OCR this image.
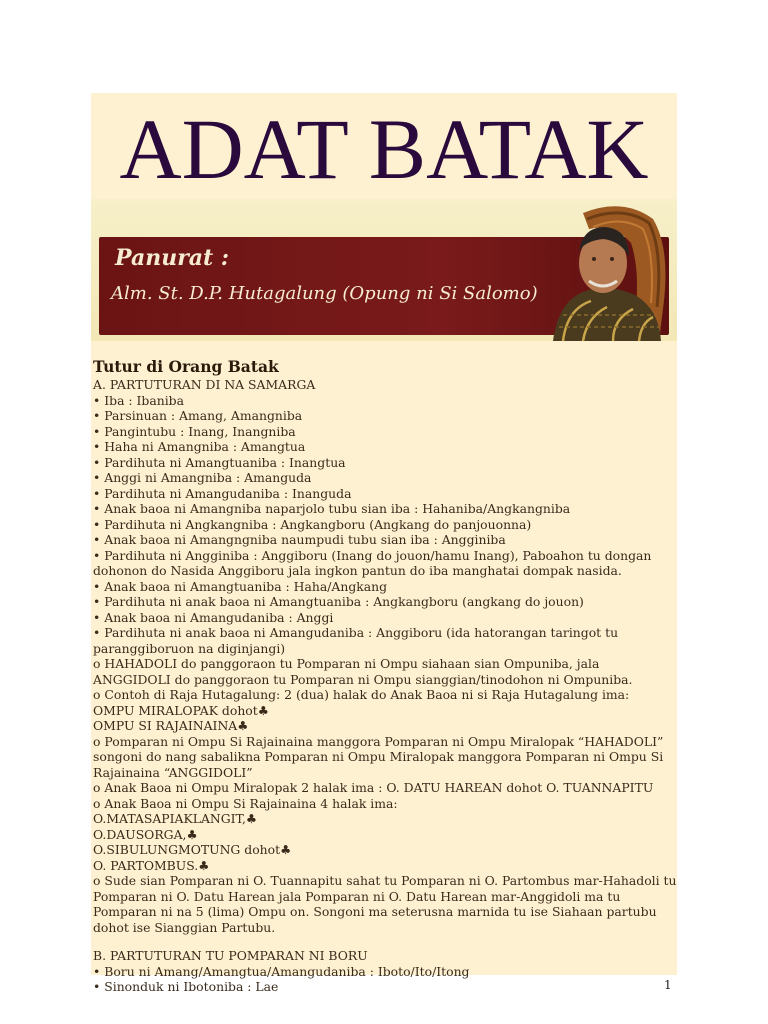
ADAT BATAK
Panurat :
Alm. St. D.P. Hutagalung (Opung ni Si Salomo)
Tutur di Orang Batak
A. PARTUTURAN DI NA SAMARGA
• Iba : Ibaniba
• Parsinuan : Amang, Amangniba
• Pangintubu : Inang, Inangniba
• Haha ni Amangniba : Amangtua
• Pardihuta ni Amangtuaniba : Inangtua
• Anggi ni Amangniba : Amanguda
• Pardihuta ni Amangudaniba : Inanguda
• Anak baoa ni Amangniba naparjolo tubu sian iba : Hahaniba/Angkangniba
• Pardihuta ni Angkangniba : Angkangboru (Angkang do panjouonna)
• Anak baoa ni Amangngniba naumpudi tubu sian iba : Angginiba
• Pardihuta ni Angginiba : Anggiboru (Inang do jouon/hamu Inang), Paboahon tu dongan dohonon do Nasida Anggiboru jala ingkon pantun do iba manghatai dompak nasida.
• Anak baoa ni Amangtuaniba : Haha/Angkang
• Pardihuta ni anak baoa ni Amangtuaniba : Angkangboru (angkang do jouon)
• Anak baoa ni Amangudaniba : Anggi
• Pardihuta ni anak baoa ni Amangudaniba : Anggiboru (ida hatorangan taringot tu paranggiboruon na diginjangi)
o HAHADOLI do panggoraon tu Pomparan ni Ompu siahaan sian Ompuniba, jala ANGGIDOLI do panggoraon tu Pomparan ni Ompu sianggian/tinodohon ni Ompuniba.
o Contoh di Raja Hutagalung: 2 (dua) halak do Anak Baoa ni si Raja Hutagalung ima:
OMPU MIRALOPAK dohot♣
OMPU SI RAJAINAINA♣
o Pomparan ni Ompu Si Rajainaina manggora Pomparan ni Ompu Miralopak “HAHADOLI” songoni do nang sabaliknа Pomparan ni Ompu Miralopak manggora Pomparan ni Ompu Si Rajainaina “ANGGIDOLI”
o Anak Baoa ni Ompu Miralopak 2 halak ima : O. DATU HAREAN dohot O. TUANNAPITU
o Anak Baoa ni Ompu Si Rajainaina 4 halak ima:
O.MATASAPIAKLANGIT,♣
O.DAUSORGA,♣
O.SIBULUNGMOTUNG dohot♣
O. PARTOMBUS.♣
o Sude sian Pomparan ni O. Tuannapitu sahat tu Pomparan ni O. Partombus mar-Hahadoli tu Pomparan ni O. Datu Harean jala Pomparan ni O. Datu Harean mar-Anggidoli ma tu Pomparan ni na 5 (lima) Ompu on. Songoni ma seterusna marnida tu ise Siahaan partubu dohot ise Sianggian Partubu.
B. PARTUTURAN TU POMPARAN NI BORU
• Boru ni Amang/Amangtua/Amangudaniba : Iboto/Ito/Itong
• Sinonduk ni Ibotoniba : Lae	1
